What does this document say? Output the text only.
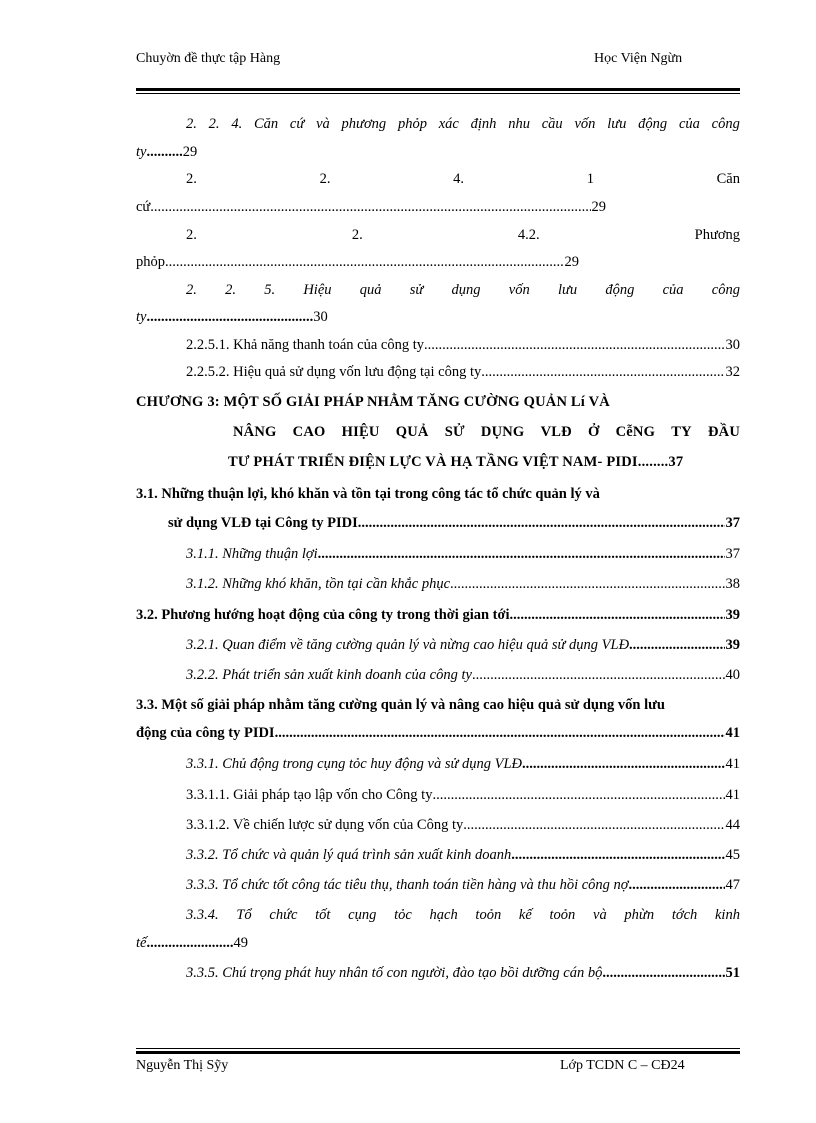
Chuyờn đề thực tập Hàng	Học Viện Ngừn
2. 2. 4. Căn cứ và phương phỏp xác định nhu cầu vốn lưu động của công
ty..........29
2.	2.	4.	1	Căn
cứ .....	29
2.	2.	4.2.	Phương
phỏp .....	29
2. 2. 5. Hiệu quả sử dụng vốn lưu động của công
ty..............................................30
2.2.5.1. Khả năng thanh toán của công ty .....	30
2.2.5.2. Hiệu quả sử dụng vốn lưu động tại công ty .....	32
CHƯƠNG 3: MỘT SỐ GIẢI PHÁP NHẰM TĂNG CƯỜNG QUẢN Lí VÀ
NÂNG CAO HIỆU QUẢ SỬ DỤNG VLĐ Ở CễNG TY ĐẦU
TƯ PHÁT TRIỂN ĐIỆN LỰC VÀ HẠ TẦNG VIỆT NAM- PIDI........37
3.1. Những thuận lợi, khó khăn và tồn tại trong công tác tổ chức quản lý và
sử dụng VLĐ tại Công ty PIDI .....	37
3.1.1. Những thuận lợi .....	37
3.1.2. Những khó khăn, tồn tại cần khắc phục .....	38
3.2. Phương hướng hoạt động của công ty trong thời gian tới .....	39
3.2.1. Quan điểm về tăng cường quản lý và nừng cao hiệu quả sử dụng VLĐ .....	39
3.2.2. Phát triển sản xuất kinh doanh của công ty .....	40
3.3. Một số giải pháp nhằm tăng cường quản lý và nâng cao hiệu quả sử dụng vốn lưu
động của công ty PIDI .....	41
3.3.1. Chủ động trong cụng tỏc huy động và sử dụng VLĐ .....	41
3.3.1.1. Giải pháp tạo lập vốn cho Công ty .....	41
3.3.1.2. Về chiến lược sử dụng vốn của Công ty .....	44
3.3.2. Tổ chức và quản lý quá trình sản xuất kinh doanh .....	45
3.3.3. Tổ chức tốt công tác tiêu thụ, thanh toán tiền hàng và thu hồi công nợ .....	47
3.3.4. Tổ chức tốt cụng tỏc hạch toỏn kế toỏn và phừn tớch kinh
tế........................49
3.3.5. Chú trọng phát huy nhân tố con người, đào tạo bồi dưỡng cán bộ .....	51
Nguyễn Thị Sỹy	Lớp TCDN C – CĐ24
